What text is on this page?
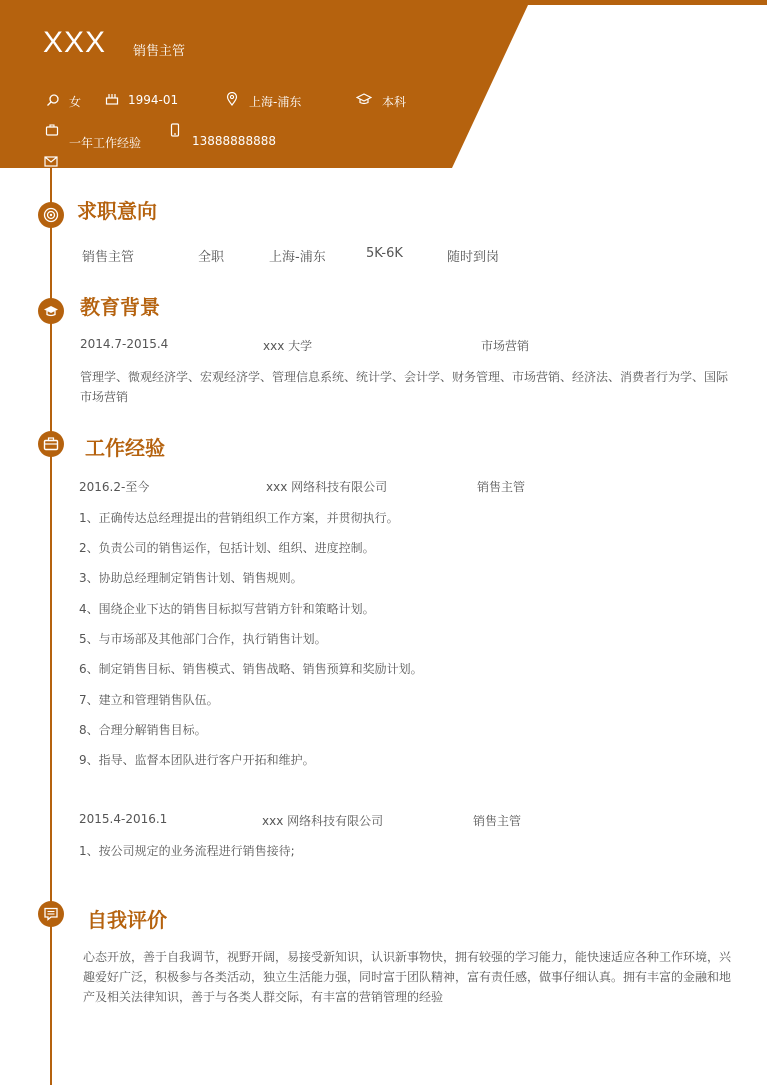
XXX 销售主管
女	1994-01	上海-浦东	本科
一年工作经验	13888888888
求职意向
销售主管	全职	上海-浦东	5K-6K	随时到岗
教育背景
2014.7-2015.4	xxx 大学	市场营销
管理学、微观经济学、宏观经济学、管理信息系统、统计学、会计学、财务管理、市场营销、经济法、消费者行为学、国际
市场营销
工作经验
2016.2-至今	xxx 网络科技有限公司	销售主管
1、正确传达总经理提出的营销组织工作方案，并贯彻执行。
2、负责公司的销售运作，包括计划、组织、进度控制。
3、协助总经理制定销售计划、销售规则。
4、围绕企业下达的销售目标拟写营销方针和策略计划。
5、与市场部及其他部门合作，执行销售计划。
6、制定销售目标、销售模式、销售战略、销售预算和奖励计划。
7、建立和管理销售队伍。
8、合理分解销售目标。
9、指导、监督本团队进行客户开拓和维护。
2015.4-2016.1	xxx 网络科技有限公司	销售主管
1、按公司规定的业务流程进行销售接待;
自我评价
心态开放，善于自我调节，视野开阔，易接受新知识，认识新事物快，拥有较强的学习能力，能快速适应各种工作环境，兴
趣爱好广泛，积极参与各类活动，独立生活能力强，同时富于团队精神，富有责任感，做事仔细认真。拥有丰富的金融和地
产及相关法律知识，善于与各类人群交际，有丰富的营销管理的经验
